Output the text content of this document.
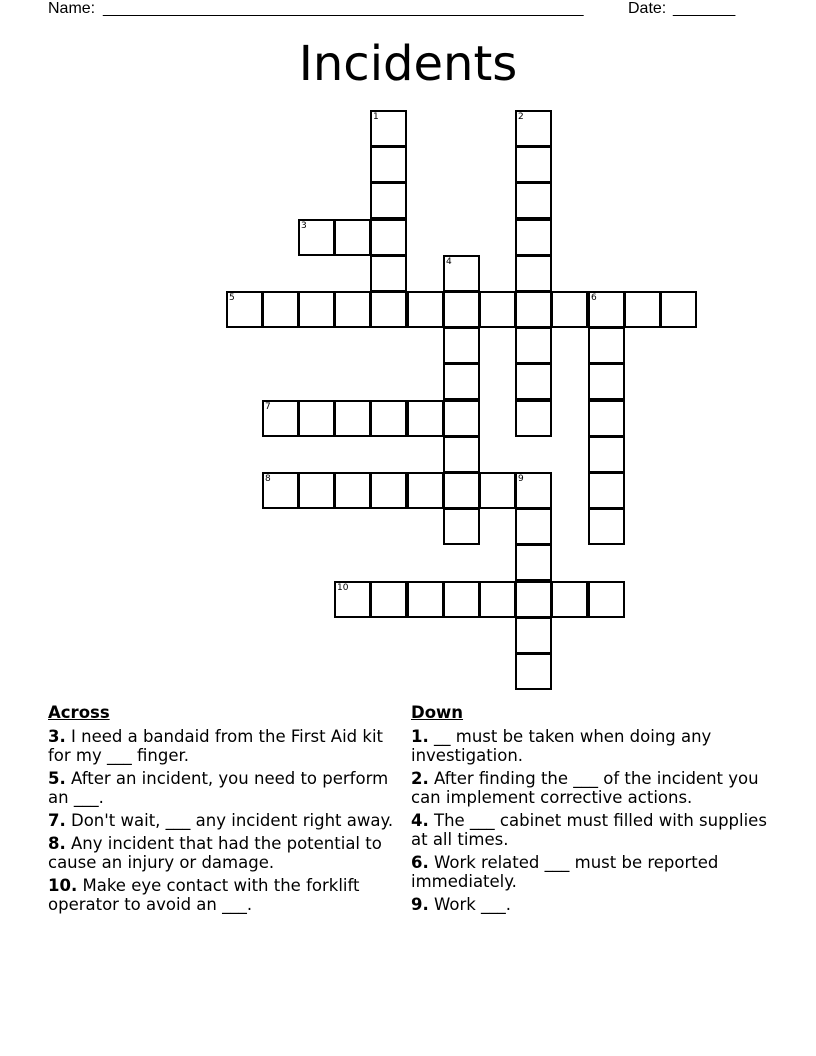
Name:

______________________________________________________

	Date:

_______

Incidents
1	2
3
4
5	6
7
8	9
10
Across
3. I need a bandaid from the First Aid kit for my ___ finger.
5. After an incident, you need to perform an ___.
7. Don't wait, ___ any incident right away.
8. Any incident that had the potential to cause an injury or damage.
10. Make eye contact with the forklift operator to avoid an ___.
Down
1. __ must be taken when doing any investigation.
2. After finding the ___ of the incident you can implement corrective actions.
4. The ___ cabinet must filled with supplies at all times.
6. Work related ___ must be reported immediately.
9. Work ___.
